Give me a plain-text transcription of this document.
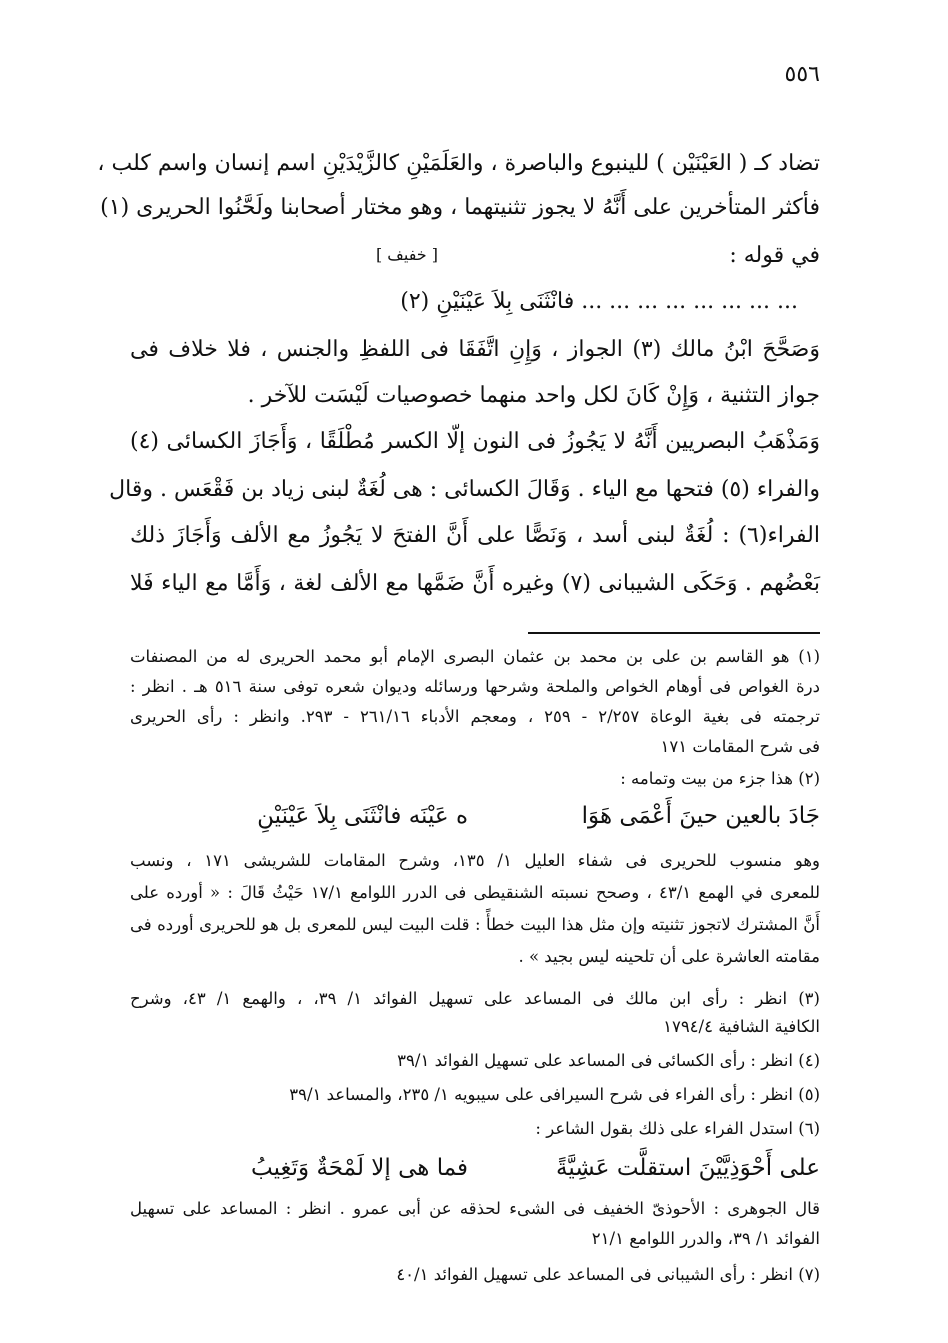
٥٥٦
تضاد كـ ( العَيْنَيْن ) للينبوع والباصرة ، والعَلَمَيْنِ كالزَّيْدَيْنِ اسم إنسان واسم كلب ،
فأكثر المتأخرين على أَنَّهُ لا يجوز تثنيتهما ، وهو مختار أصحابنا ولَحَّنُوا الحريرى (١)
في قوله :
[ خفيف ]
... ... ... ... ... ... ... ... فانْثَنَى بِلاَ عَيْنَيْنِ (٢)
وَصَحَّحَ ابْنُ مالك (٣) الجواز ، وَإِنِ اتَّفَقَا فى اللفظِ والجنس ، فلا خلاف فى
جواز التثنية ، وَإِنْ كَانَ لكل واحد منهما خصوصيات لَيْسَت للآخر .
وَمَذْهَبُ البصريين أَنَّهُ لا يَجُوزُ فى النون إلّا الكسر مُطْلَقًا ، وَأَجَازَ الكسائى (٤)
والفراء (٥) فتحها مع الياء . وَقَالَ الكسائى : هى لُغَةٌ لبنى زياد بن فَقْعَس . وقال
الفراء(٦) : لُغَةٌ لبنى أسد ، وَنَصًّا على أَنَّ الفتحَ لا يَجُوزُ مع الألف وَأَجَازَ ذلك
بَعْضُهم . وَحَكَى الشيبانى (٧) وغيره أَنَّ ضَمَّها مع الألف لغة ، وَأَمَّا مع الياء فَلا
(١) هو القاسم بن على بن محمد بن عثمان البصرى الإمام أبو محمد الحريرى له من المصنفات
درة الغواص فى أوهام الخواص والملحة وشرحها ورسائله وديوان شعره توفى سنة ٥١٦ هـ . انظر :
ترجمته فى بغية الوعاة ٢/٢٥٧ - ٢٥٩ ، ومعجم الأدباء ٢٦١/١٦ - ٢٩٣. وانظر : رأى الحريرى
فى شرح المقامات ١٧١
(٢) هذا جزء من بيت وتمامه :
جَادَ بالعين حينَ أَعْمَى هَوَا
ه عَيْنَه فانْثَنَى بِلاَ عَيْنَيْنِ
وهو منسوب للحريرى فى شفاء العليل ١/ ١٣٥، وشرح المقامات للشريشى ١٧١ ، ونسب
للمعرى في الهمع ٤٣/١ ، وصحح نسبته الشنقيطى فى الدرر اللوامع ١٧/١ حَيْثُ قَالَ : « أورده على
أَنَّ المشترك لاتجوز تثنيته وإن مثل هذا البيت خطأً : قلت البيت ليس للمعرى بل هو للحريرى أورده فى
مقامته العاشرة على أن تلحينه ليس بجيد » .
(٣) انظر : رأى ابن مالك فى المساعد على تسهيل الفوائد ١/ ٣٩، ، والهمع ١/ ٤٣، وشرح
الكافية الشافية ١٧٩٤/٤
(٤) انظر : رأى الكسائى فى المساعد على تسهيل الفوائد ٣٩/١
(٥) انظر : رأى الفراء فى شرح السيرافى على سيبويه ١/ ٢٣٥، والمساعد ٣٩/١
(٦) استدل الفراء على ذلك بقول الشاعر :
على أَحْوَذِيَّيْنَ استقلَّت عَشِيَّةً
فما هى إلا لَمْحَةٌ وَتَغِيبُ
قال الجوهرى : الأحوذىّ الخفيف فى الشىء لحذقه عن أبى عمرو . انظر : المساعد على تسهيل
الفوائد ١/ ٣٩، والدرر اللوامع ٢١/١
(٧) انظر : رأى الشيبانى فى المساعد على تسهيل الفوائد ٤٠/١
